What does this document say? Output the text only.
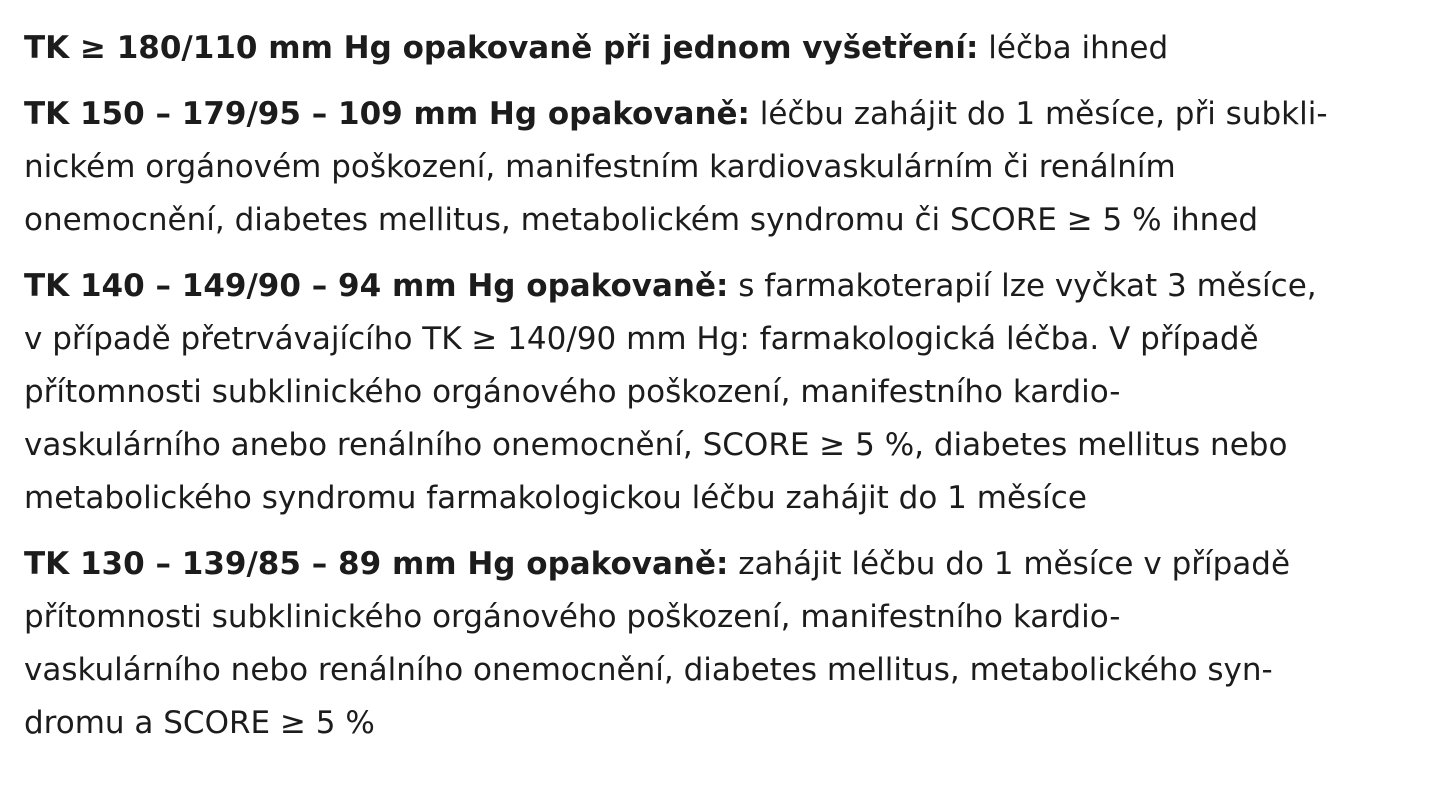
TK ≥ 180/110 mm Hg opakovaně při jednom vyšetření: léčba ihned

TK 150 – 179/95 – 109 mm Hg opakovaně: léčbu zahájit do 1 měsíce, při subkli-
nickém orgánovém poškození, manifestním kardiovaskulárním či renálním
onemocnění, diabetes mellitus, metabolickém syndromu či SCORE ≥ 5 % ihned

TK 140 – 149/90 – 94 mm Hg opakovaně: s farmakoterapií lze vyčkat 3 měsíce,
v případě přetrvávajícího TK ≥ 140/90 mm Hg: farmakologická léčba. V případě
přítomnosti subklinického orgánového poškození, manifestního kardio-
vaskulárního anebo renálního onemocnění, SCORE ≥ 5 %, diabetes mellitus nebo
metabolického syndromu farmakologickou léčbu zahájit do 1 měsíce

TK 130 – 139/85 – 89 mm Hg opakovaně: zahájit léčbu do 1 měsíce v případě
přítomnosti subklinického orgánového poškození, manifestního kardio-
vaskulárního nebo renálního onemocnění, diabetes mellitus, metabolického syn-
dromu a SCORE ≥ 5 %
